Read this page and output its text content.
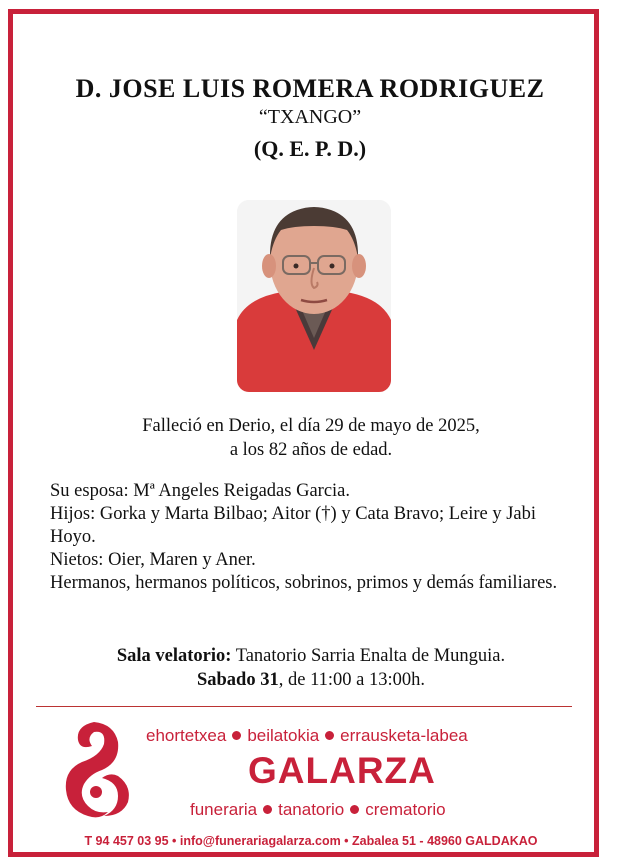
D. JOSE LUIS ROMERA RODRIGUEZ
“TXANGO”
(Q. E. P. D.)
Falleció en Derio, el día 29 de mayo de 2025,
a los 82 años de edad.
Su esposa: Mª Angeles Reigadas Garcia.
Hijos: Gorka y Marta Bilbao; Aitor (†) y Cata Bravo; Leire y Jabi Hoyo.
Nietos: Oier, Maren y Aner.
Hermanos, hermanos políticos, sobrinos, primos y demás familiares.
Sala velatorio: Tanatorio Sarria Enalta de Munguia.
Sabado 31, de 11:00 a 13:00h.
ehortetxea beilatokia errausketa-labea
GALARZA
funeraria tanatorio crematorio
T 94 457 03 95 • info@funerariagalarza.com • Zabalea 51 - 48960 GALDAKAO
